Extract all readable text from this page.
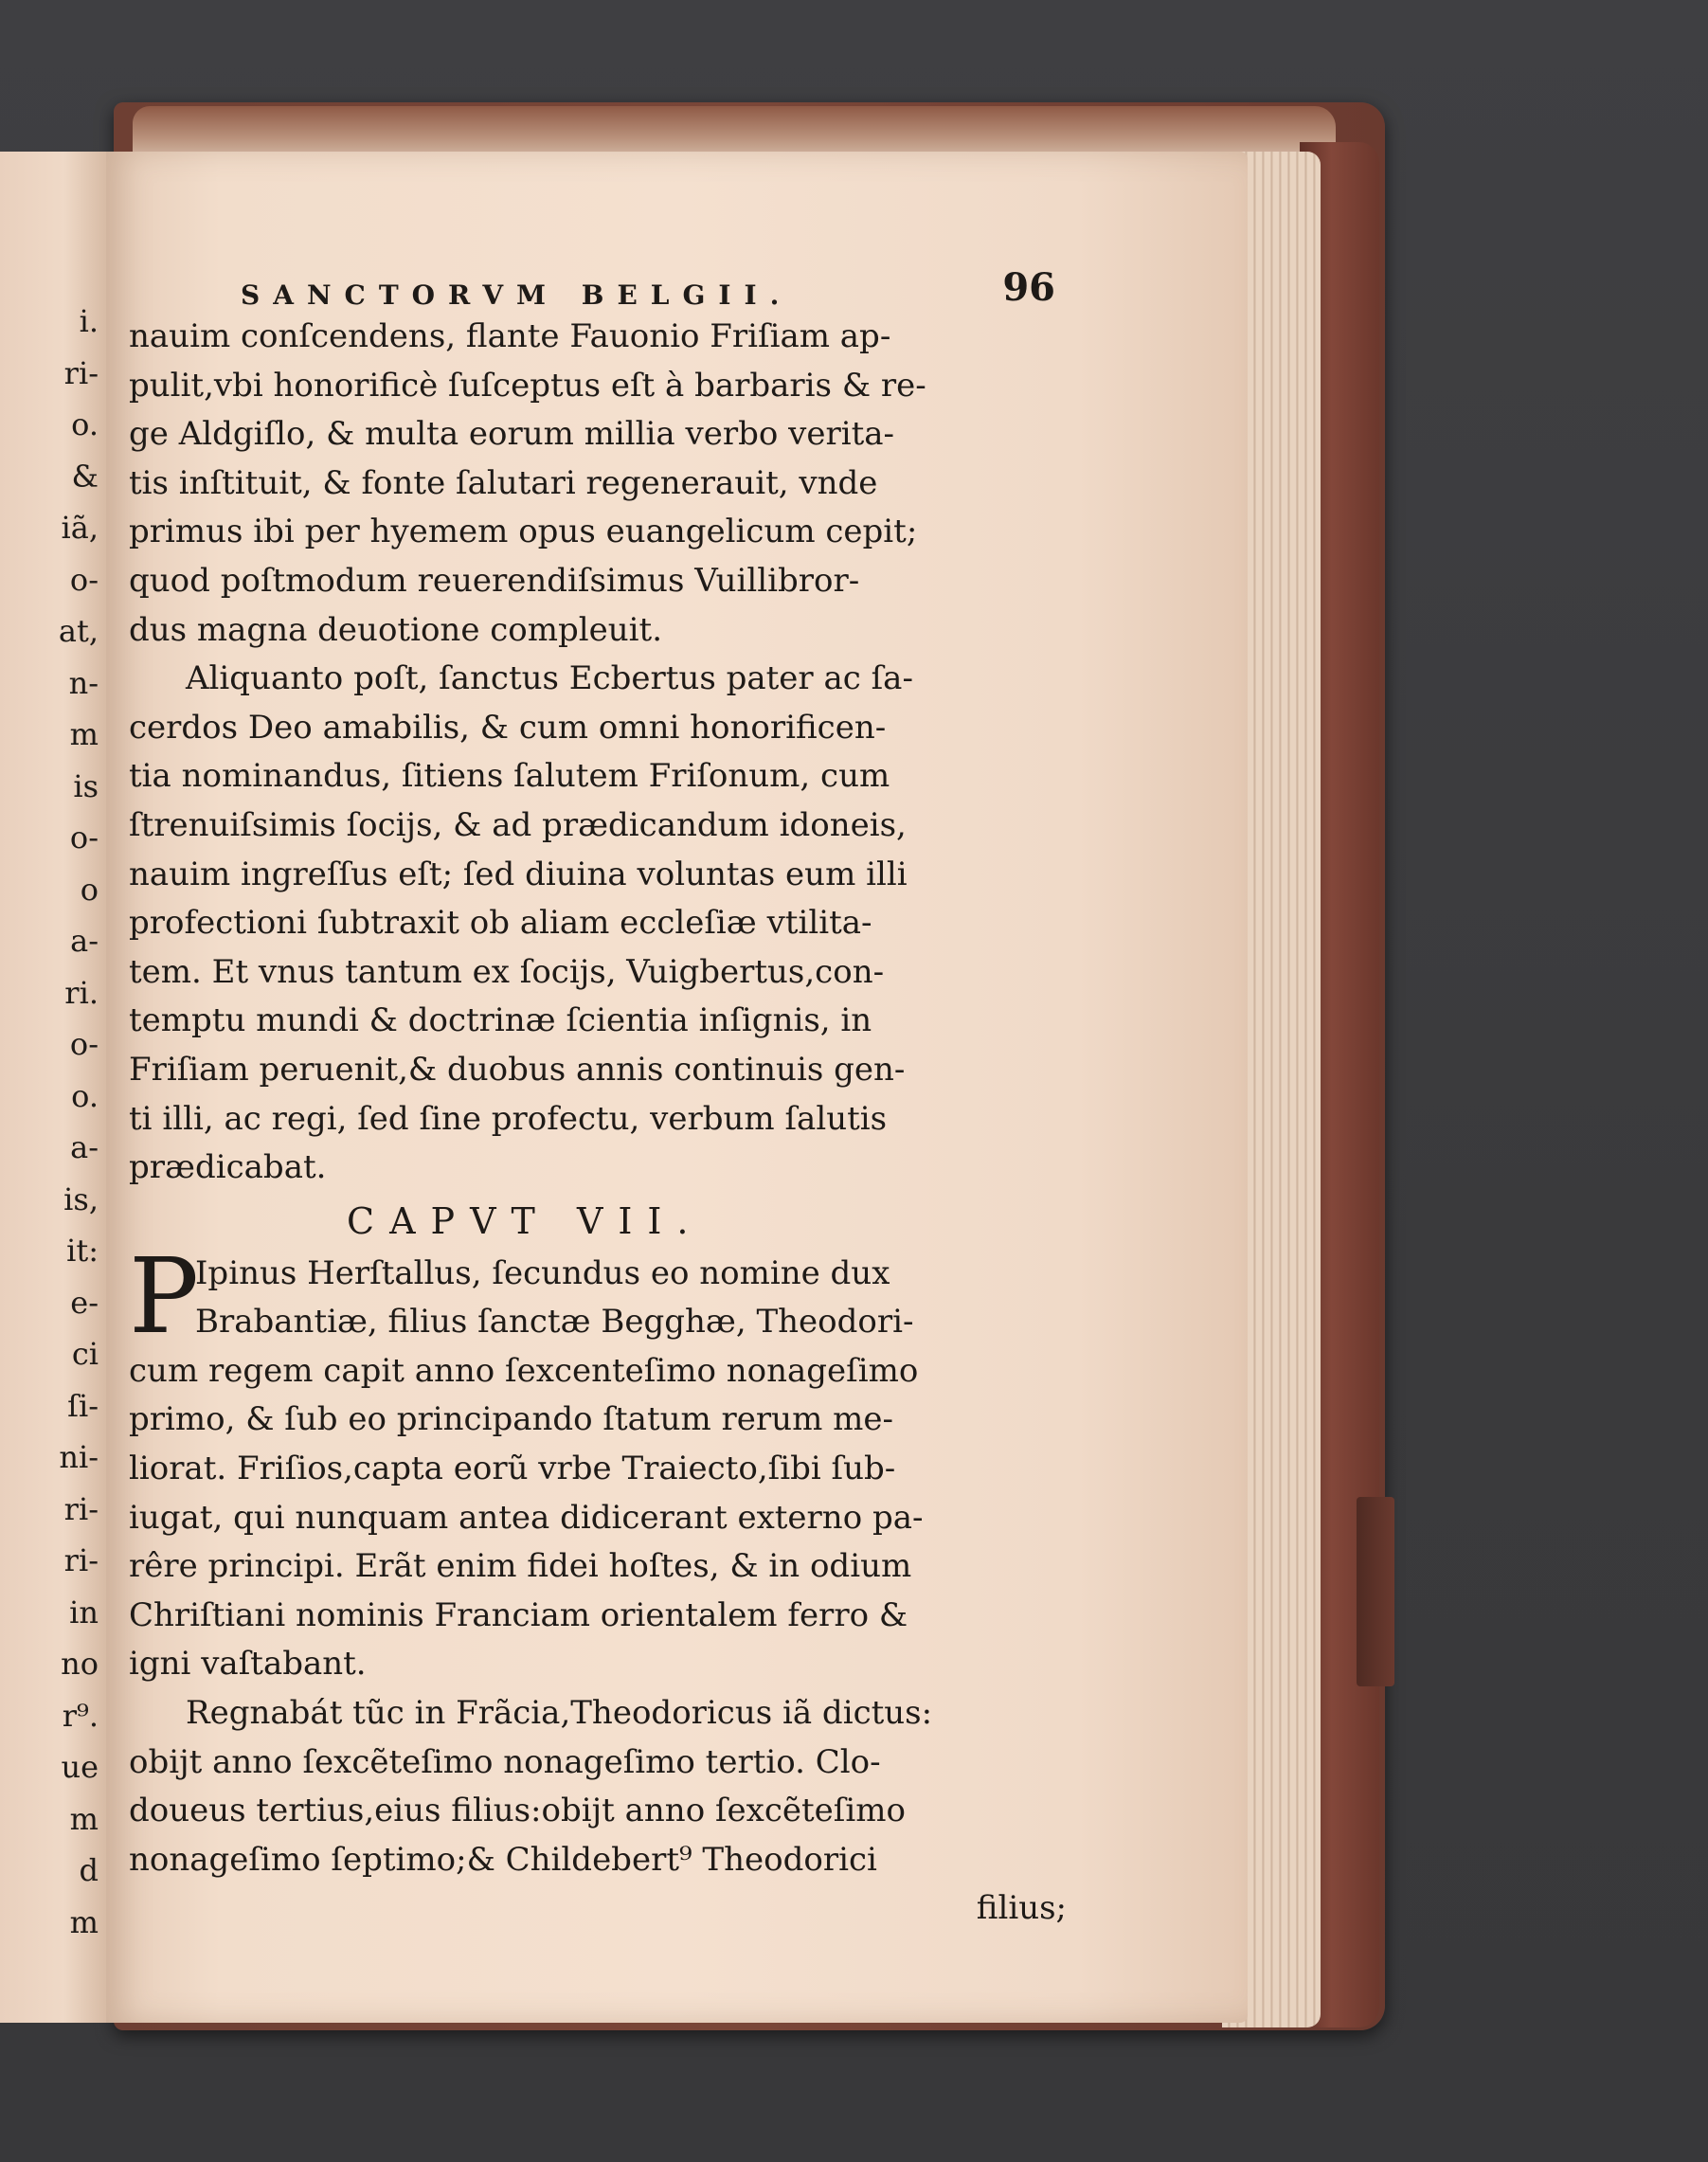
i.
ri-
o.
&
iã,
o-
at,
n-
m
is
o-
o
a-
ri.
o-
o.
a-
is,
it:
e-
ci
ſi-
ni-
ri-
ri-
in
no
r⁹.
ue
m
d
m
SANCTORVM BELGII.	96
nauim conſcendens, flante Fauonio Friſiam ap-
pulit,vbi honorificè ſuſceptus eſt à barbaris & re-
ge Aldgiſlo, & multa eorum millia verbo verita-
tis inſtituit, & fonte ſalutari regenerauit, vnde
primus ibi per hyemem opus euangelicum cepit;
quod poſtmodum reuerendiſsimus Vuillibror-
dus magna deuotione compleuit.
Aliquanto poſt, ſanctus Ecbertus pater ac ſa-
cerdos Deo amabilis, & cum omni honorificen-
tia nominandus, ſitiens ſalutem Friſonum, cum
ſtrenuiſsimis ſocijs, & ad prædicandum idoneis,
nauim ingreſſus eſt; ſed diuina voluntas eum illi
profectioni ſubtraxit ob aliam eccleſiæ vtilita-
tem. Et vnus tantum ex ſocijs, Vuigbertus,con-
temptu mundi & doctrinæ ſcientia inſignis, in
Friſiam peruenit,& duobus annis continuis gen-
ti illi, ac regi, ſed ſine profectu, verbum ſalutis
prædicabat.
CAPVT VII.
P
Ipinus Herſtallus, ſecundus eo nomine dux
Brabantiæ, filius ſanctæ Begghæ, Theodori-
cum regem capit anno ſexcenteſimo nonageſimo
primo, & ſub eo principando ſtatum rerum me-
liorat. Friſios,capta eorũ vrbe Traiecto,ſibi ſub-
iugat, qui nunquam antea didicerant externo pa-
rêre principi. Erãt enim fidei hoſtes, & in odium
Chriſtiani nominis Franciam orientalem ferro &
igni vaſtabant.
Regnabát tũc in Frãcia,Theodoricus iã dictus:
obijt anno ſexcẽteſimo nonageſimo tertio. Clo-
doueus tertius,eius filius:obijt anno ſexcẽteſimo
nonageſimo ſeptimo;& Childebert⁹ Theodorici
filius;
